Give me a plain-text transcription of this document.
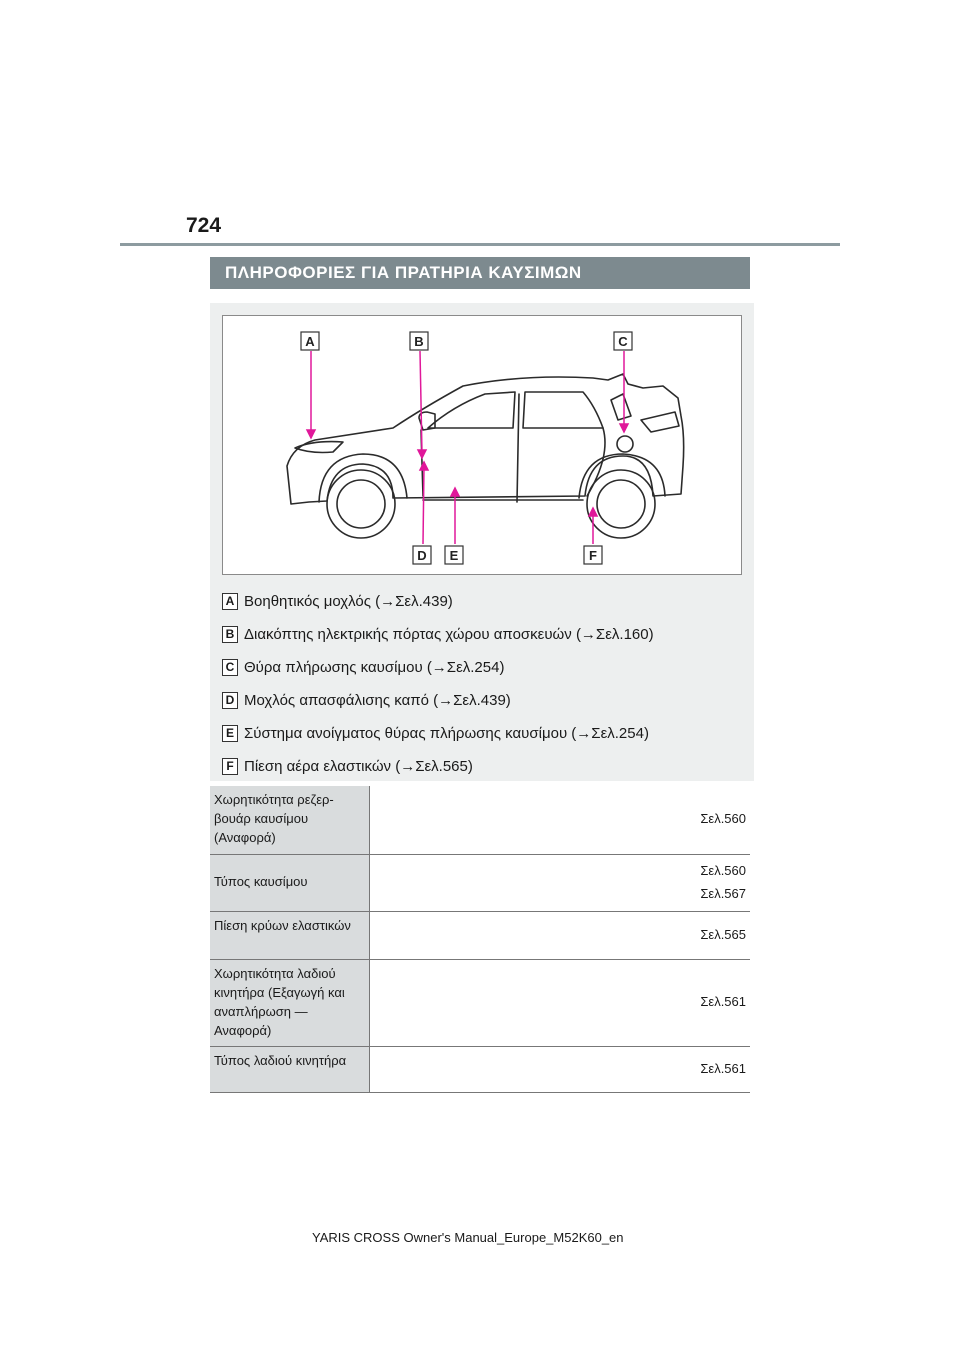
724
ΠΛΗΡΟΦΟΡΙΕΣ ΓΙΑ ΠΡΑΤΗΡΙΑ ΚΑΥΣΙΜΩΝ
A	B	C
D E	F
A Βοηθητικός μοχλός (→Σελ.439)
B Διακόπτης ηλεκτρικής πόρτας χώρου αποσκευών (→Σελ.160)
C Θύρα πλήρωσης καυσίμου (→Σελ.254)
D Μοχλός απασφάλισης καπό (→Σελ.439)
E Σύστημα ανοίγματος θύρας πλήρωσης καυσίμου (→Σελ.254)
F Πίεση αέρα ελαστικών (→Σελ.565)
Χωρητικότητα ρεζερ-βουάρ καυσίμου (Αναφορά)	Σελ.560

Τύπος καυσίμου	Σελ.560
Σελ.567

Πίεση κρύων ελαστικών	Σελ.565

Χωρητικότητα λαδιού κινητήρα (Εξαγωγή και αναπλήρωση — Αναφορά)	Σελ.561

Τύπος λαδιού κινητήρα	Σελ.561
YARIS CROSS Owner's Manual_Europe_M52K60_en
